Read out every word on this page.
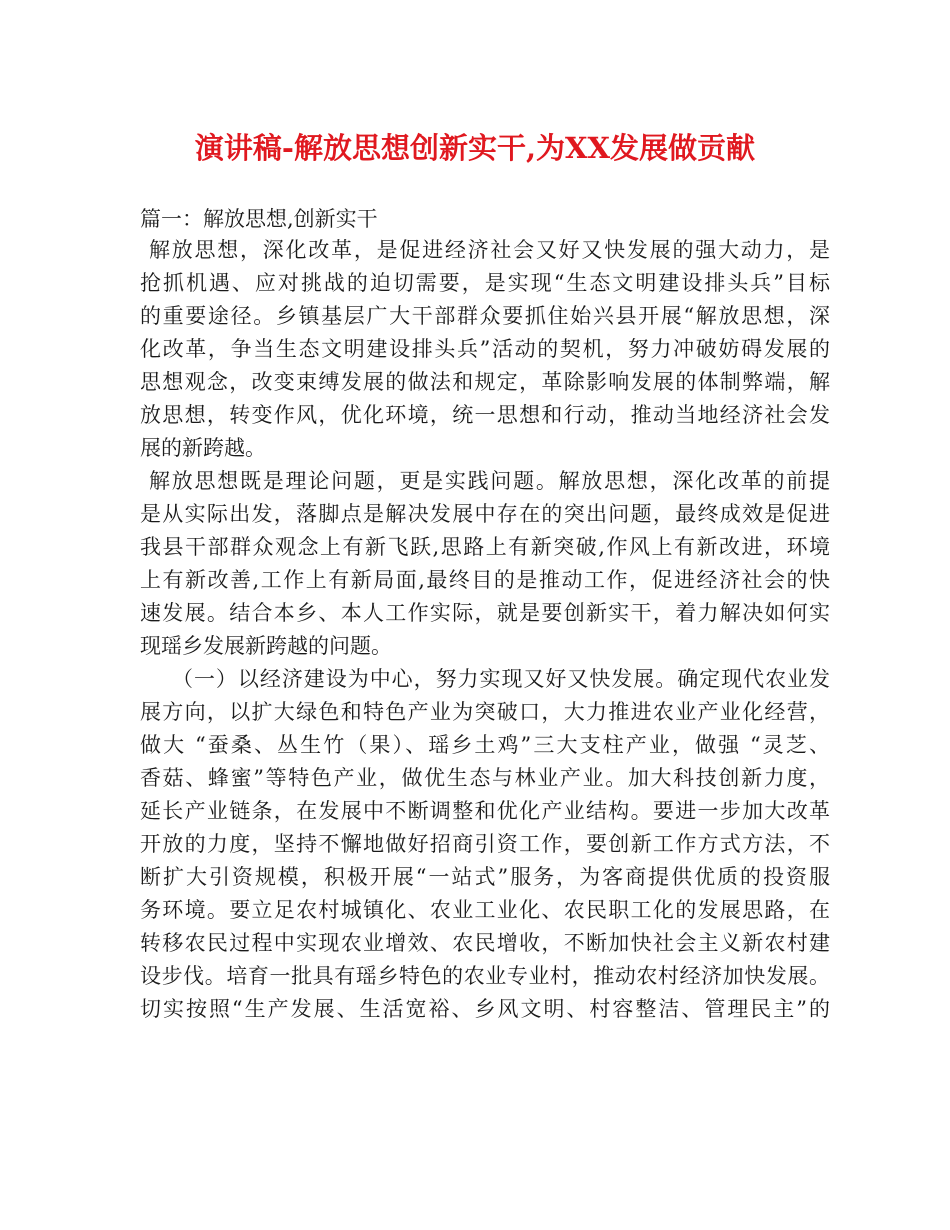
演讲稿-解放思想创新实干,为XX发展做贡献
篇一：解放思想,创新实干
解放思想，深化改革，是促进经济社会又好又快发展的强大动力，是
抢抓机遇、应对挑战的迫切需要，是实现“生态文明建设排头兵”目标
的重要途径。乡镇基层广大干部群众要抓住始兴县开展“解放思想，深
化改革，争当生态文明建设排头兵”活动的契机，努力冲破妨碍发展的
思想观念，改变束缚发展的做法和规定，革除影响发展的体制弊端，解
放思想，转变作风，优化环境，统一思想和行动，推动当地经济社会发
展的新跨越。
解放思想既是理论问题，更是实践问题。解放思想，深化改革的前提
是从实际出发，落脚点是解决发展中存在的突出问题，最终成效是促进
我县干部群众观念上有新飞跃,思路上有新突破,作风上有新改进，环境
上有新改善,工作上有新局面,最终目的是推动工作，促进经济社会的快
速发展。结合本乡、本人工作实际，就是要创新实干，着力解决如何实
现瑶乡发展新跨越的问题。
（一）以经济建设为中心，努力实现又好又快发展。确定现代农业发
展方向，以扩大绿色和特色产业为突破口，大力推进农业产业化经营，
做大 “蚕桑、丛生竹（果）、瑶乡土鸡”三大支柱产业，做强 “灵芝、
香菇、蜂蜜”等特色产业，做优生态与林业产业。加大科技创新力度，
延长产业链条，在发展中不断调整和优化产业结构。要进一步加大改革
开放的力度，坚持不懈地做好招商引资工作，要创新工作方式方法，不
断扩大引资规模，积极开展“一站式”服务，为客商提供优质的投资服
务环境。要立足农村城镇化、农业工业化、农民职工化的发展思路，在
转移农民过程中实现农业增效、农民增收，不断加快社会主义新农村建
设步伐。培育一批具有瑶乡特色的农业专业村，推动农村经济加快发展。
切实按照“生产发展、生活宽裕、乡风文明、村容整洁、管理民主”的
